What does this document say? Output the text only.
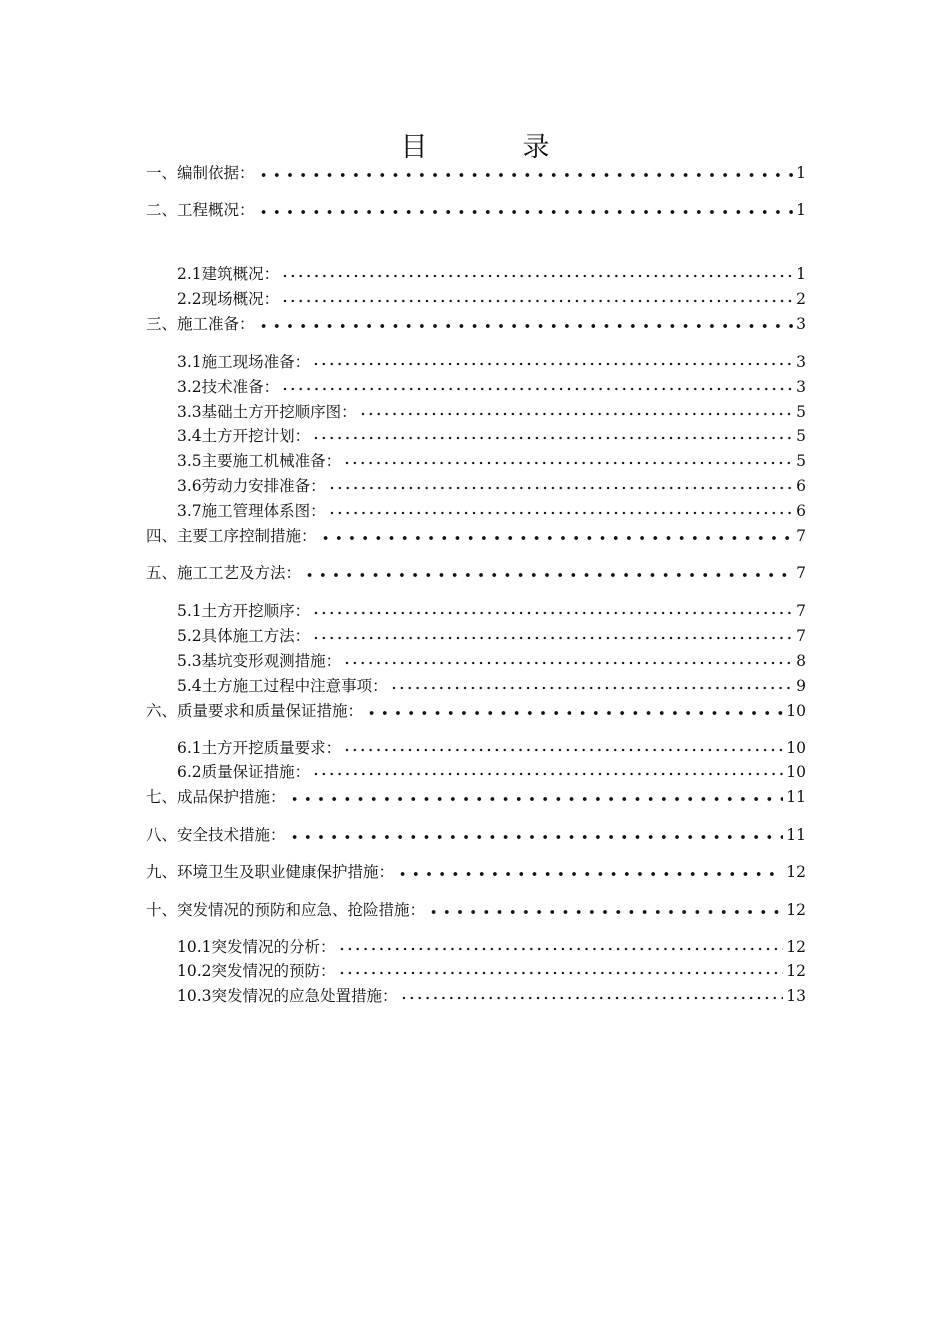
目　录
一、编制依据：	1
二、工程概况：	1
2.1建筑概况：	1
2.2现场概况：	2
三、施工准备：	3
3.1施工现场准备：	3
3.2技术准备：	3
3.3基础土方开挖顺序图：	5
3.4土方开挖计划：	5
3.5主要施工机械准备：	5
3.6劳动力安排准备：	6
3.7施工管理体系图：	6
四、主要工序控制措施：	7
五、施工工艺及方法：	7
5.1土方开挖顺序：	7
5.2具体施工方法：	7
5.3基坑变形观测措施：	8
5.4土方施工过程中注意事项：	9
六、质量要求和质量保证措施：	10
6.1土方开挖质量要求：	10
6.2质量保证措施：	10
七、成品保护措施：	11
八、安全技术措施：	11
九、环境卫生及职业健康保护措施：	12
十、突发情况的预防和应急、抢险措施：	12
10.1突发情况的分析：	12
10.2突发情况的预防：	12
10.3突发情况的应急处置措施：	13
